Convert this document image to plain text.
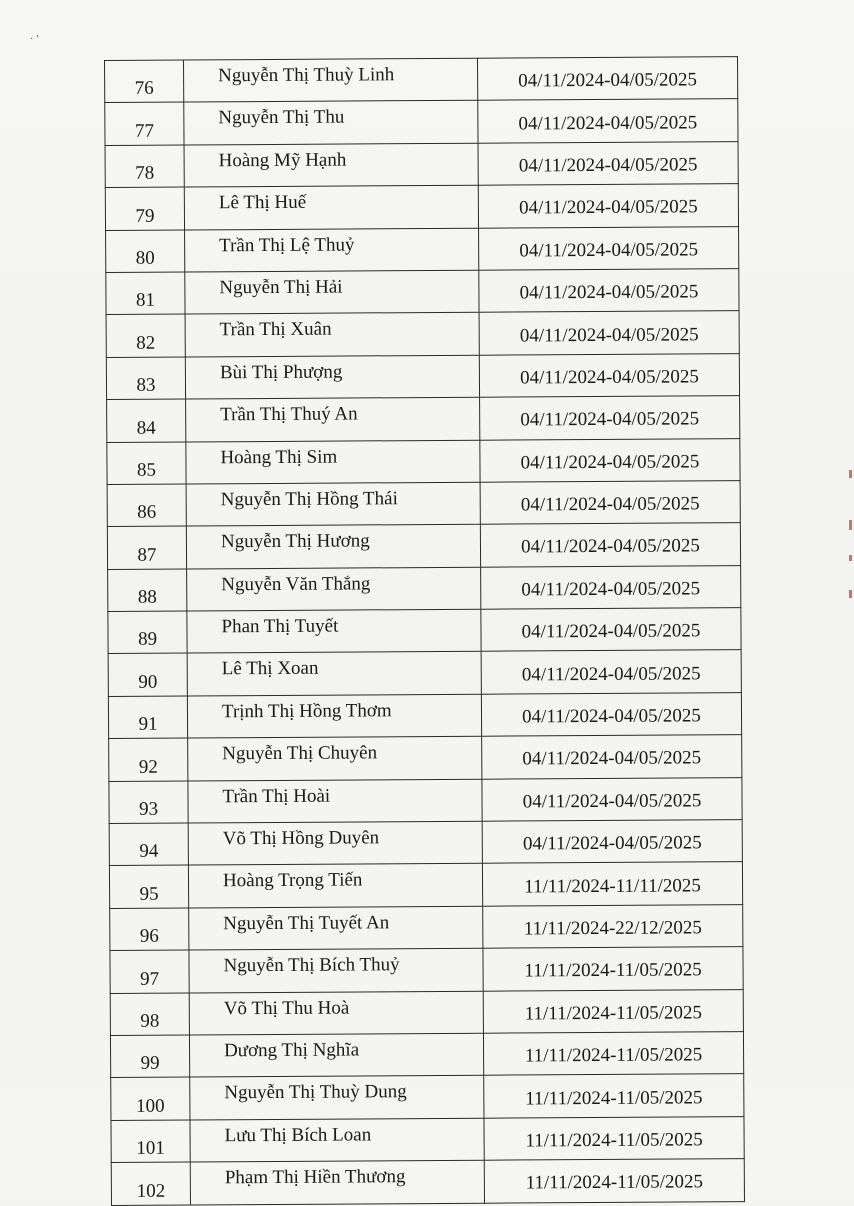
· ’
76	Nguyễn Thị Thuỳ Linh	04/11/2024-04/05/2025
77	Nguyễn Thị Thu	04/11/2024-04/05/2025
78	Hoàng Mỹ Hạnh	04/11/2024-04/05/2025
79	Lê Thị Huế	04/11/2024-04/05/2025
80	Trần Thị Lệ Thuỷ	04/11/2024-04/05/2025
81	Nguyễn Thị Hải	04/11/2024-04/05/2025
82	Trần Thị Xuân	04/11/2024-04/05/2025
83	Bùi Thị Phượng	04/11/2024-04/05/2025
84	Trần Thị Thuý An	04/11/2024-04/05/2025
85	Hoàng Thị Sim	04/11/2024-04/05/2025
86	Nguyễn Thị Hồng Thái	04/11/2024-04/05/2025
87	Nguyễn Thị Hương	04/11/2024-04/05/2025
88	Nguyễn Văn Thắng	04/11/2024-04/05/2025
89	Phan Thị Tuyết	04/11/2024-04/05/2025
90	Lê Thị Xoan	04/11/2024-04/05/2025
91	Trịnh Thị Hồng Thơm	04/11/2024-04/05/2025
92	Nguyễn Thị Chuyên	04/11/2024-04/05/2025
93	Trần Thị Hoài	04/11/2024-04/05/2025
94	Võ Thị Hồng Duyên	04/11/2024-04/05/2025
95	Hoàng Trọng Tiến	11/11/2024-11/11/2025
96	Nguyễn Thị Tuyết An	11/11/2024-22/12/2025
97	Nguyễn Thị Bích Thuỷ	11/11/2024-11/05/2025
98	Võ Thị Thu Hoà	11/11/2024-11/05/2025
99	Dương Thị Nghĩa	11/11/2024-11/05/2025
100	Nguyễn Thị Thuỳ Dung	11/11/2024-11/05/2025
101	Lưu Thị Bích Loan	11/11/2024-11/05/2025
102	Phạm Thị Hiền Thương	11/11/2024-11/05/2025
